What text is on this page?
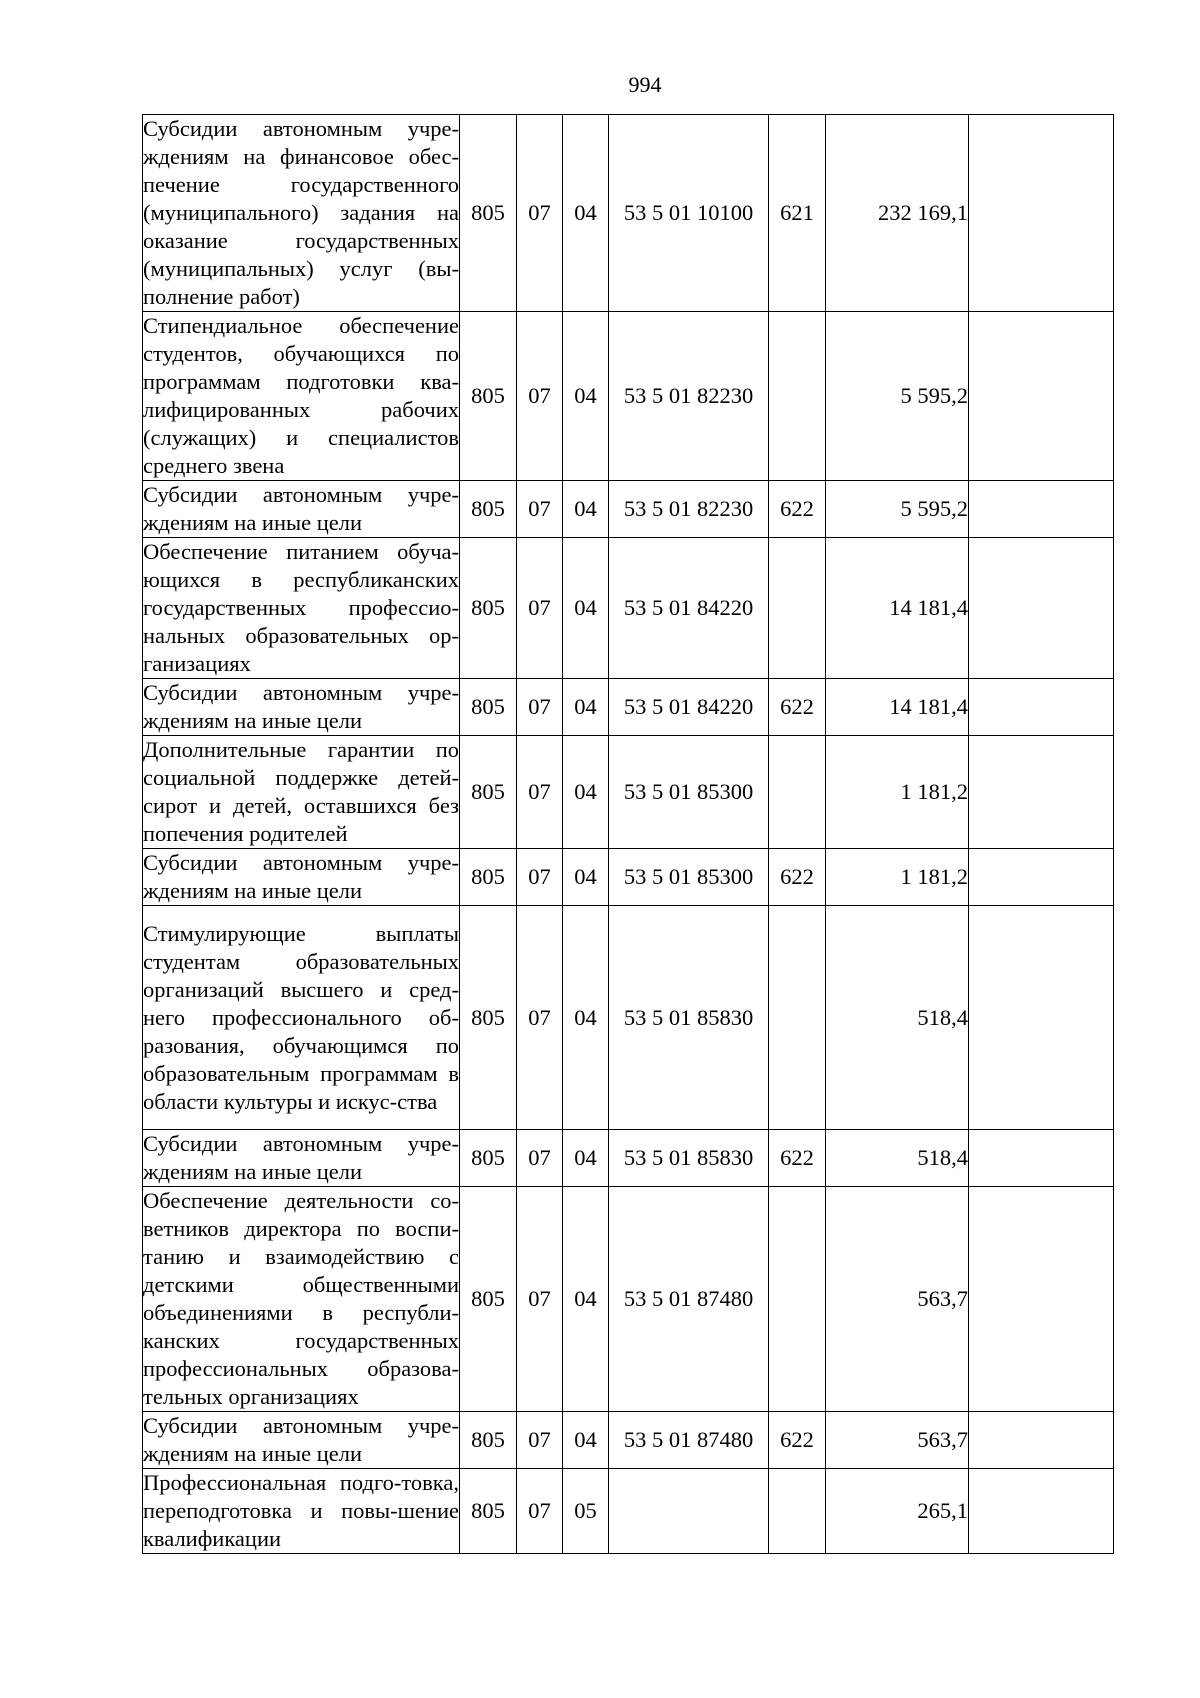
994
Субсидии автономным учре-ждениям на финансовое обес-печение государственного (муниципального) задания на оказание государственных (муниципальных) услуг (вы-полнение работ)	805	07	04	53 5 01 10100	621	232 169,1	
Стипендиальное обеспечение студентов, обучающихся по программам подготовки ква-лифицированных рабочих (служащих) и специалистов среднего звена	805	07	04	53 5 01 82230		5 595,2	
Субсидии автономным учре-ждениям на иные цели	805	07	04	53 5 01 82230	622	5 595,2	
Обеспечение питанием обуча-ющихся в республиканских государственных профессио-нальных образовательных ор-ганизациях	805	07	04	53 5 01 84220		14 181,4	
Субсидии автономным учре-ждениям на иные цели	805	07	04	53 5 01 84220	622	14 181,4	
Дополнительные гарантии по социальной поддержке детей-сирот и детей, оставшихся без попечения родителей	805	07	04	53 5 01 85300		1 181,2	
Субсидии автономным учре-ждениям на иные цели	805	07	04	53 5 01 85300	622	1 181,2	
Стимулирующие выплаты студентам образовательных организаций высшего и сред-него профессионального об-разования, обучающимся по образовательным программам в области культуры и искус-ства	805	07	04	53 5 01 85830		518,4	
Субсидии автономным учре-ждениям на иные цели	805	07	04	53 5 01 85830	622	518,4	
Обеспечение деятельности со-ветников директора по воспи-танию и взаимодействию с детскими общественными объединениями в республи-канских государственных профессиональных образова-тельных организациях	805	07	04	53 5 01 87480		563,7	
Субсидии автономным учре-ждениям на иные цели	805	07	04	53 5 01 87480	622	563,7	
Профессиональная подго-товка, переподготовка и повы-шение квалификации	805	07	05			265,1	
